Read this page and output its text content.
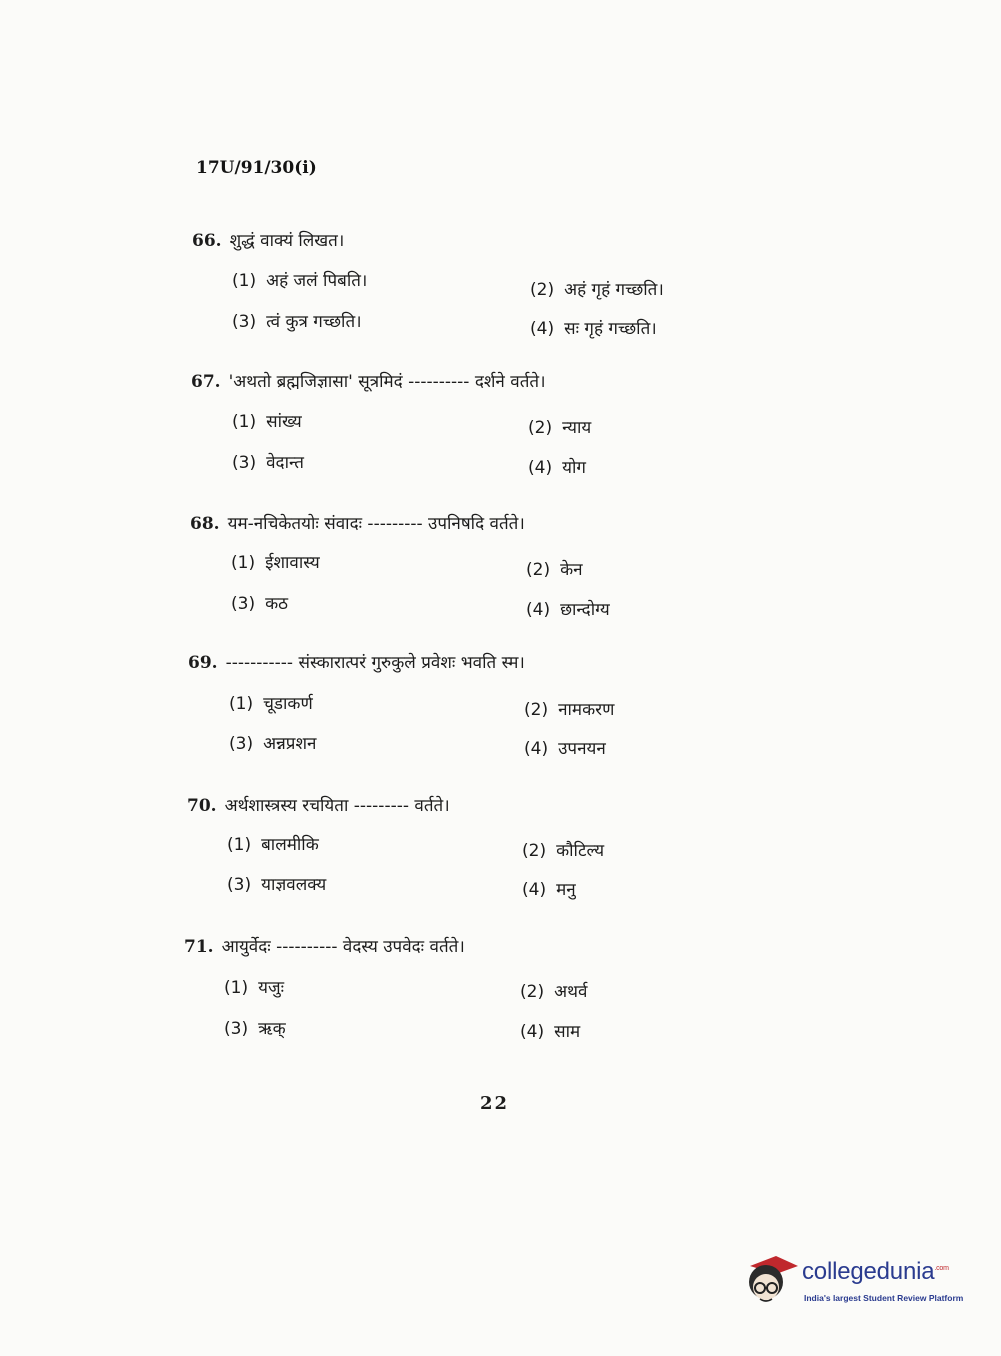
17U/91/30(i)
66. शुद्धं वाक्यं लिखत।
(1) अहं जलं पिबति।	(2) अहं गृहं गच्छति।
(3) त्वं कुत्र गच्छति।	(4) सः गृहं गच्छति।
67. 'अथतो ब्रह्मजिज्ञासा' सूत्रमिदं ---------- दर्शने वर्तते।
(1) सांख्य	(2) न्याय
(3) वेदान्त	(4) योग
68. यम-नचिकेतयोः संवादः --------- उपनिषदि वर्तते।
(1) ईशावास्य	(2) केन
(3) कठ	(4) छान्दोग्य
69. ----------- संस्कारात्परं गुरुकुले प्रवेशः भवति स्म।
(1) चूडाकर्ण	(2) नामकरण
(3) अन्नप्रशन	(4) उपनयन
70. अर्थशास्त्रस्य रचयिता --------- वर्तते।
(1) बालमीकि	(2) कौटिल्य
(3) याज्ञवलक्य	(4) मनु
71. आयुर्वेदः ---------- वेदस्य उपवेदः वर्तते।
(1) यजुः	(2) अथर्व
(3) ऋक्	(4) साम
22
collegedunia$^{.com}$
India's largest Student Review Platform
